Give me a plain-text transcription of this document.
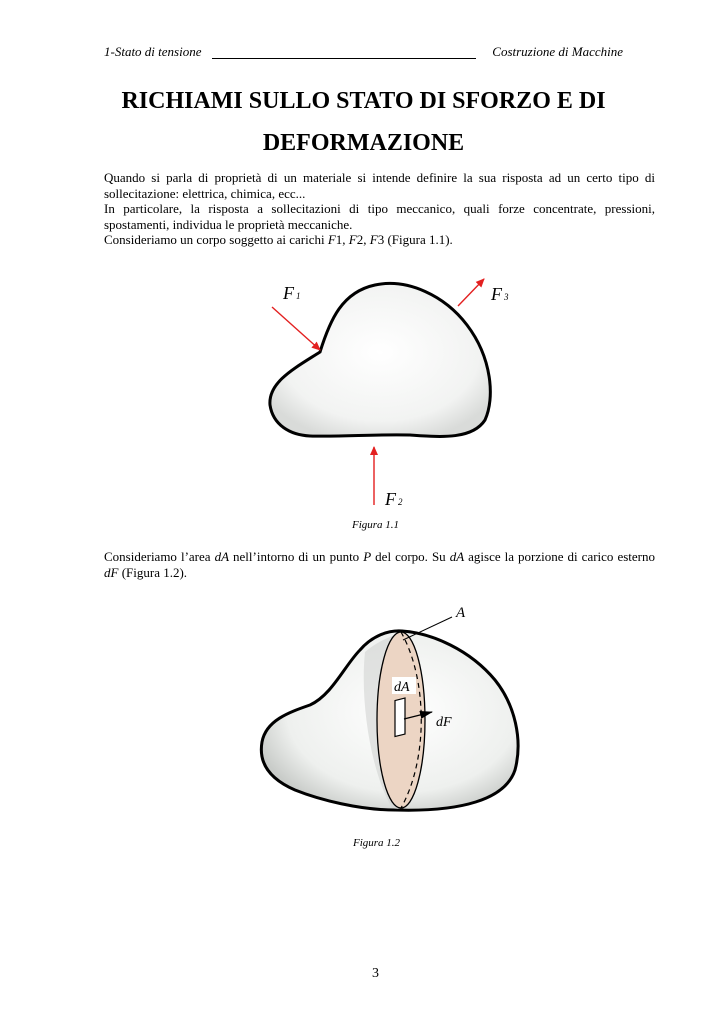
1-Stato di tensione	Costruzione di Macchine
RICHIAMI SULLO STATO DI SFORZO E DI
DEFORMAZIONE
Quando si parla di proprietà di un materiale si intende definire la sua risposta ad un certo tipo di sollecitazione: elettrica, chimica, ecc...
In particolare, la risposta a sollecitazioni di tipo meccanico, quali forze concentrate, pressioni, spostamenti, individua le proprietà meccaniche.
Consideriamo un corpo soggetto ai carichi F1, F2, F3 (Figura 1.1).
F 1
F 2
F 3
dA
dF
A
Figura 1.1
Consideriamo l’area dA nell’intorno di un punto P del corpo. Su dA agisce la porzione di carico esterno dF (Figura 1.2).
Figura 1.2
3
